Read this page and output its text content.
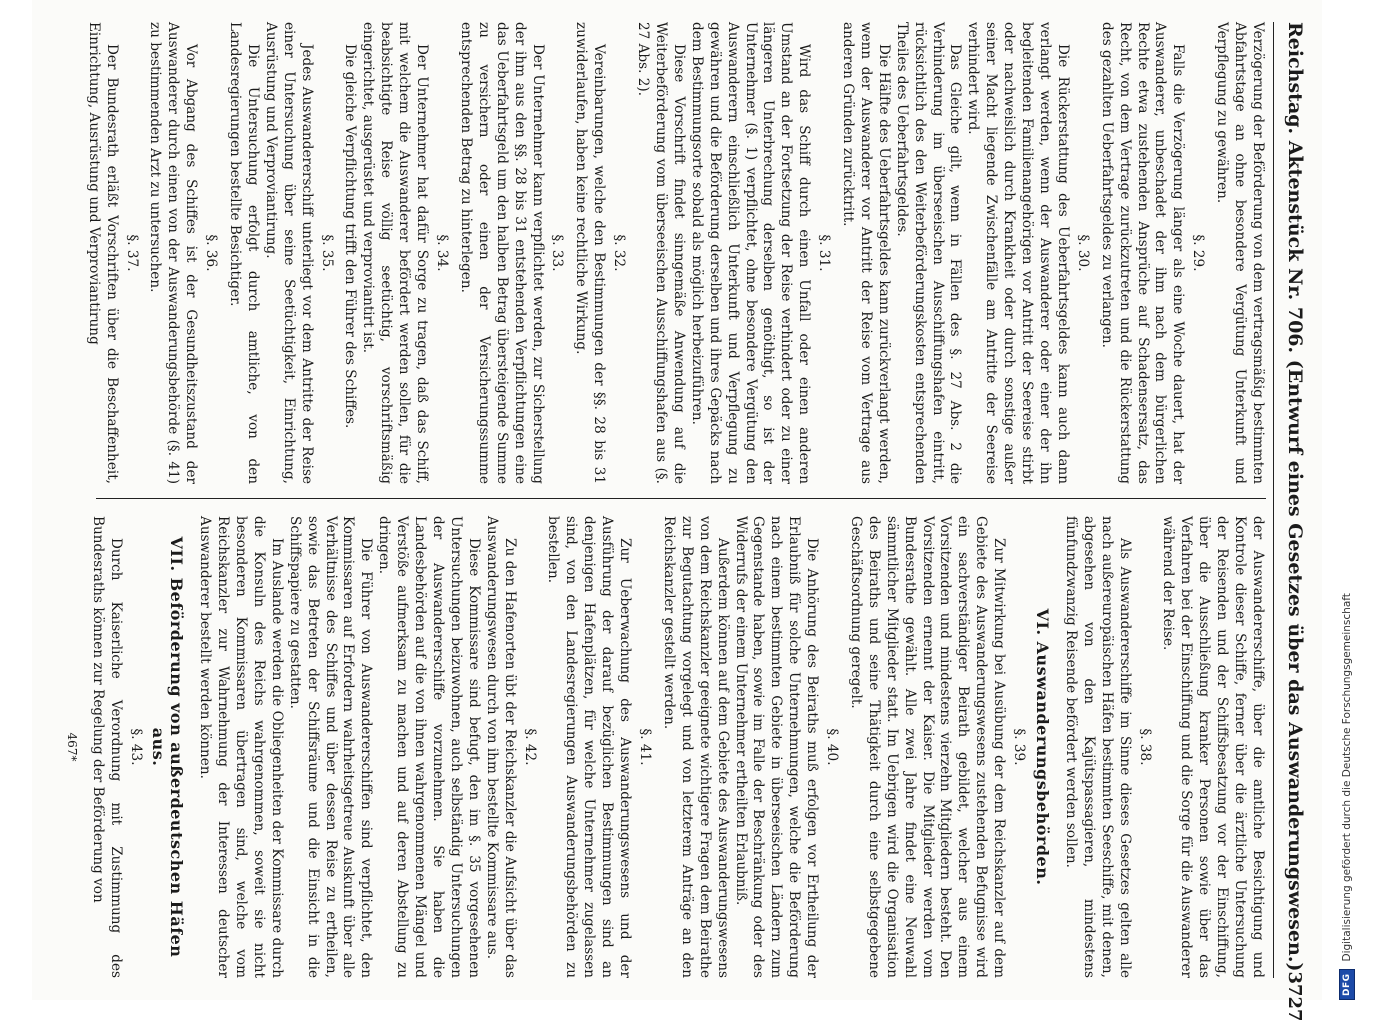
Reichstag. Aktenstück Nr. 706. (Entwurf eines Gesetzes über das Auswanderungswesen.)
3727

Verzögerung der Beförderung von dem vertragsmäßig bestimmten Abfahrtstage an ohne besondere Vergütung Unterkunft und Verpflegung zu gewähren.

§. 29.

Falls die Verzögerung länger als eine Woche dauert, hat der Auswanderer, unbeschadet der ihm nach dem bürgerlichen Rechte etwa zustehenden Ansprüche auf Schadensersatz, das Recht, von dem Vertrage zurückzutreten und die Rückerstattung des gezahlten Ueberfahrtsgeldes zu verlangen.

§. 30.

Die Rückerstattung des Ueberfahrtsgeldes kann auch dann verlangt werden, wenn der Auswanderer oder einer der ihn begleitenden Familienangehörigen vor Antritt der Seereise stirbt oder nachweislich durch Krankheit oder durch sonstige außer seiner Macht liegende Zwischenfälle am Antritte der Seereise verhindert wird.

Das Gleiche gilt, wenn in Fällen des §. 27 Abs. 2 die Verhinderung im überseeischen Ausschiffungshafen eintritt, rücksichtlich des den Weiterbeförderungskosten entsprechenden Theiles des Ueberfahrtsgeldes.

Die Hälfte des Ueberfahrtsgeldes kann zurückverlangt werden, wenn der Auswanderer vor Antritt der Reise vom Vertrage aus anderen Gründen zurücktritt.

§. 31.

Wird das Schiff durch einen Unfall oder einen anderen Umstand an der Fortsetzung der Reise verhindert oder zu einer längeren Unterbrechung derselben genöthigt, so ist der Unternehmer (§. 1) verpflichtet, ohne besondere Vergütung den Auswanderern einschließlich Unterkunft und Verpflegung zu gewähren und die Beförderung derselben und ihres Gepäcks nach dem Bestimmungsorte sobald als möglich herbeizuführen.

Diese Vorschrift findet sinngemäße Anwendung auf die Weiterbeförderung vom überseeischen Ausschiffungshafen aus (§. 27 Abs. 2).

§. 32.

Vereinbarungen, welche den Bestimmungen der §§. 28 bis 31 zuwiderlaufen, haben keine rechtliche Wirkung.

§. 33.

Der Unternehmer kann verpflichtet werden, zur Sicherstellung der ihm aus den §§. 28 bis 31 entstehenden Verpflichtungen eine das Ueberfahrtsgeld um den halben Betrag übersteigende Summe zu versichern oder einen der Versicherungssumme entsprechenden Betrag zu hinterlegen.

§. 34.

Der Unternehmer hat dafür Sorge zu tragen, daß das Schiff, mit welchem die Auswanderer befördert werden sollen, für die beabsichtigte Reise völlig seetüchtig, vorschriftsmäßig eingerichtet, ausgerüstet und verproviantirt ist.

Die gleiche Verpflichtung trifft den Führer des Schiffes.

§. 35.

Jedes Auswandererschiff unterliegt vor dem Antritte der Reise einer Untersuchung über seine Seetüchtigkeit, Einrichtung, Ausrüstung und Verproviantirung.

Die Untersuchung erfolgt durch amtliche, von den Landesregierungen bestellte Besichtiger.

§. 36.

Vor Abgang des Schiffes ist der Gesundheitszustand der Auswanderer durch einen von der Auswanderungsbehörde (§. 41) zu bestimmenden Arzt zu untersuchen.

§. 37.

Der Bundesrath erläßt Vorschriften über die Beschaffenheit, Einrichtung, Ausrüstung und Verproviantirung

der Auswandererschiffe, über die amtliche Besichtigung und Kontrole dieser Schiffe, ferner über die ärztliche Untersuchung der Reisenden und der Schiffsbesatzung vor der Einschiffung, über die Ausschließung kranker Personen sowie über das Verfahren bei der Einschiffung und die Sorge für die Auswanderer während der Reise.

§. 38.

Als Auswandererschiffe im Sinne dieses Gesetzes gelten alle nach außereuropäischen Häfen bestimmten Seeschiffe, mit denen, abgesehen von den Kajütspassagieren, mindestens fünfundzwanzig Reisende befördert werden sollen.

VI. Auswanderungsbehörden.
§. 39.

Zur Mitwirkung bei Ausübung der dem Reichskanzler auf dem Gebiete des Auswanderungswesens zustehenden Befugnisse wird ein sachverständiger Beirath gebildet, welcher aus einem Vorsitzenden und mindestens vierzehn Mitgliedern besteht. Den Vorsitzenden ernennt der Kaiser. Die Mitglieder werden vom Bundesrathe gewählt. Alle zwei Jahre findet eine Neuwahl sämmtlicher Mitglieder statt. Im Uebrigen wird die Organisation des Beiraths und seine Thätigkeit durch eine selbstgegebene Geschäftsordnung geregelt.

§. 40.

Die Anhörung des Beiraths muß erfolgen vor Ertheilung der Erlaubniß für solche Unternehmungen, welche die Beförderung nach einem bestimmten Gebiete in überseeischen Ländern zum Gegenstande haben, sowie im Falle der Beschränkung oder des Widerrufs der einem Unternehmer ertheilten Erlaubniß.

Außerdem können auf dem Gebiete des Auswanderungswesens von dem Reichskanzler geeignete wichtigere Fragen dem Beirathe zur Begutachtung vorgelegt und von letzterem Anträge an den Reichskanzler gestellt werden.

§. 41.

Zur Ueberwachung des Auswanderungswesens und der Ausführung der darauf bezüglichen Bestimmungen sind an denjenigen Hafenplätzen, für welche Unternehmer zugelassen sind, von den Landesregierungen Auswanderungsbehörden zu bestellen.

§. 42.

Zu den Hafenorten übt der Reichskanzler die Aufsicht über das Auswanderungswesen durch von ihm bestellte Kommissare aus.

Diese Kommissare sind befugt, den im §. 35 vorgesehenen Untersuchungen beizuwohnen, auch selbständig Untersuchungen der Auswandererschiffe vorzunehmen. Sie haben die Landesbehörden auf die von ihnen wahrgenommenen Mängel und Verstöße aufmerksam zu machen und auf deren Abstellung zu dringen.

Die Führer von Auswandererschiffen sind verpflichtet, den Kommissaren auf Erfordern wahrheitsgetreue Auskunft über alle Verhältnisse des Schiffes und über dessen Reise zu ertheilen, sowie das Betreten der Schiffsräume und die Einsicht in die Schiffspapiere zu gestatten.

Im Auslande werden die Obliegenheiten der Kommissare durch die Konsuln des Reichs wahrgenommen, soweit sie nicht besonderen Kommissaren übertragen sind, welche vom Reichskanzler zur Wahrnehmung der Interessen deutscher Auswanderer bestellt werden können.

VII. Beförderung von außerdeutschen Häfen aus.
§. 43.

Durch Kaiserliche Verordnung mit Zustimmung des Bundesraths können zur Regelung der Beförderung von

467*
DFG
Digitalisierung gefördert durch die Deutsche Forschungsgemeinschaft
